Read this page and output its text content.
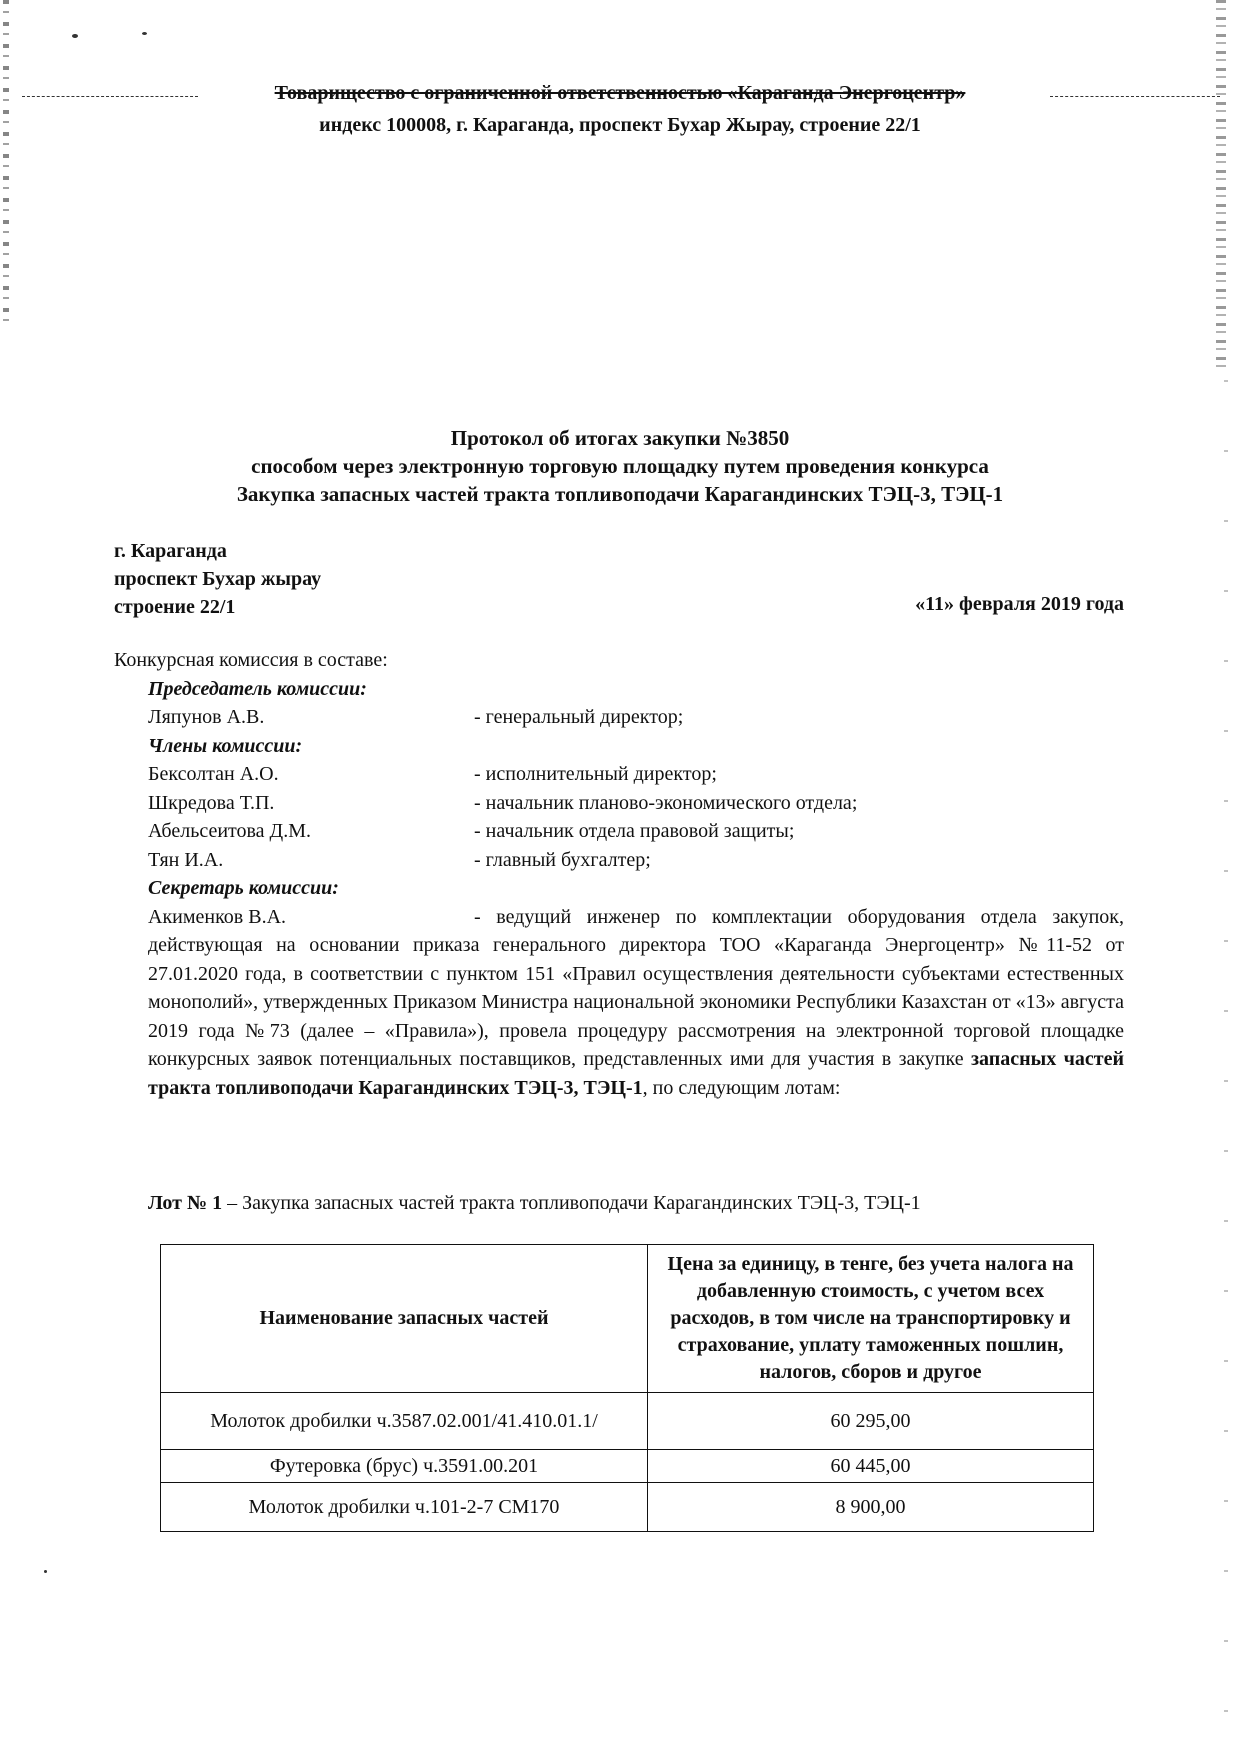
Товарищество с ограниченной ответственностью «Караганда Энергоцентр»
индекс 100008, г. Караганда, проспект Бухар Жырау, строение 22/1
Протокол об итогах закупки №3850
способом через электронную торговую площадку путем проведения конкурса
Закупка запасных частей тракта топливоподачи Карагандинских ТЭЦ-3, ТЭЦ-1
г. Караганда
проспект Бухар жырау
строение 22/1	«11» февраля 2019 года
Конкурсная комиссия в составе:
Председатель комиссии:
Ляпунов А.В.	- генеральный директор;
Члены комиссии:
Бексолтан А.О.	- исполнительный директор;
Шкредова Т.П.	- начальник планово-экономического отдела;
Абельсеитова Д.М.	- начальник отдела правовой защиты;
Тян И.А.	- главный бухгалтер;
Секретарь комиссии:
Акименков В.А.	- ведущий инженер по комплектации оборудования отдела закупок, действующая на основании приказа генерального директора ТОО «Караганда Энергоцентр» №11-52 от 27.01.2020 года, в соответствии с пунктом 151 «Правил осуществления деятельности субъектами естественных монополий», утвержденных Приказом Министра национальной экономики Республики Казахстан от «13» августа 2019 года №73 (далее – «Правила»), провела процедуру рассмотрения на электронной торговой площадке конкурсных заявок потенциальных поставщиков, представленных ими для участия в закупке запасных частей тракта топливоподачи Карагандинских ТЭЦ-3, ТЭЦ-1, по следующим лотам:
Лот № 1 – Закупка запасных частей тракта топливоподачи Карагандинских ТЭЦ-3, ТЭЦ-1
Наименование запасных частей	Цена за единицу, в тенге, без учета налога на добавленную стоимость, с учетом всех расходов, в том числе на транспортировку и страхование, уплату таможенных пошлин, налогов, сборов и другое
Молоток дробилки ч.3587.02.001/41.410.01.1/	60 295,00
Футеровка (брус) ч.3591.00.201	60 445,00
Молоток дробилки ч.101-2-7 СМ170	8 900,00
